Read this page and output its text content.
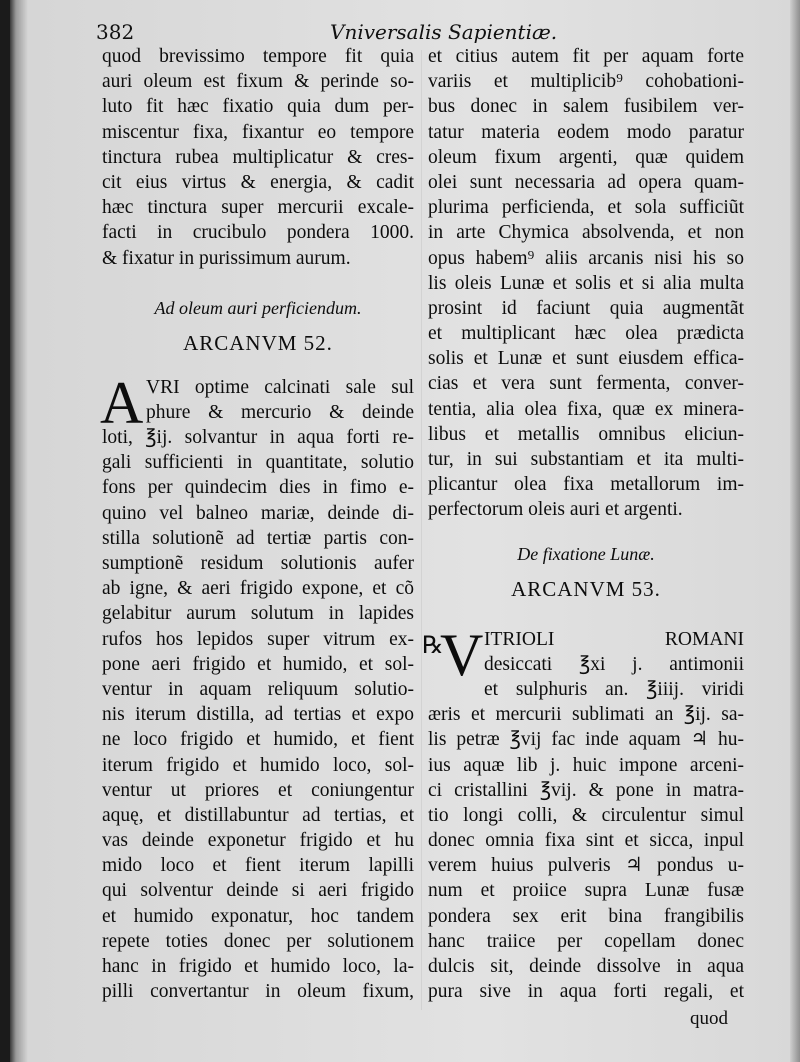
382	Vniversalis Sapientiæ.
quod brevissimo tempore fit quia
auri oleum est fixum & perinde so-
luto fit hæc fixatio quia dum per-
miscentur fixa, fixantur eo tempore
tinctura rubea multiplicatur & cres-
cit eius virtus & energia, & cadit
hæc tinctura super mercurii excale-
facti in crucibulo pondera 1000.
& fixatur in purissimum aurum.
Ad oleum auri perficiendum.
ARCANVM 52.
A VRI optime calcinati sale sul
phure & mercurio & deinde
loti, ℥ij. solvantur in aqua forti re-
gali sufficienti in quantitate, solutio
fons per quindecim dies in fimo e-
quino vel balneo mariæ, deinde di-
stilla solutionẽ ad tertiæ partis con-
sumptionẽ residum solutionis aufer
ab igne, & aeri frigido expone, et cõ
gelabitur aurum solutum in lapides
rufos hos lepidos super vitrum ex-
pone aeri frigido et humido, et sol-
ventur in aquam reliquum solutio-
nis iterum distilla, ad tertias et expo
ne loco frigido et humido, et fient
iterum frigido et humido loco, sol-
ventur ut priores et coniungentur
aquę, et distillabuntur ad tertias, et
vas deinde exponetur frigido et hu
mido loco et fient iterum lapilli
qui solventur deinde si aeri frigido
et humido exponatur, hoc tandem
repete toties donec per solutionem
hanc in frigido et humido loco, la-
pilli convertantur in oleum fixum,
et citius autem fit per aquam forte
variis et multiplicib⁹ cohobationi-
bus donec in salem fusibilem ver-
tatur materia eodem modo paratur
oleum fixum argenti, quæ quidem
olei sunt necessaria ad opera quam-
plurima perficienda, et sola sufficiũt
in arte Chymica absolvenda, et non
opus habem⁹ aliis arcanis nisi his so
lis oleis Lunæ et solis et si alia multa
prosint id faciunt quia augmentãt
et multiplicant hæc olea prædicta
solis et Lunæ et sunt eiusdem effica-
cias et vera sunt fermenta, conver-
tentia, alia olea fixa, quæ ex minera-
libus et metallis omnibus eliciun-
tur, in sui substantiam et ita multi-
plicantur olea fixa metallorum im-
perfectorum oleis auri et argenti.
De fixatione Lunæ.
ARCANVM 53.
℞
V ITRIOLI ROMANI
desiccati ℥xi j. antimonii
et sulphuris an. ℥iiij. viridi
æris et mercurii sublimati an ℥ij. sa-
lis petræ ℥vij fac inde aquam ♃ hu-
ius aquæ lib j. huic impone arceni-
ci cristallini ℥vij. & pone in matra-
tio longi colli, & circulentur simul
donec omnia fixa sint et sicca, inpul
verem huius pulveris ♃ pondus u-
num et proiice supra Lunæ fusæ
pondera sex erit bina frangibilis
hanc traiice per copellam donec
dulcis sit, deinde dissolve in aqua
pura sive in aqua forti regali, et
quod
